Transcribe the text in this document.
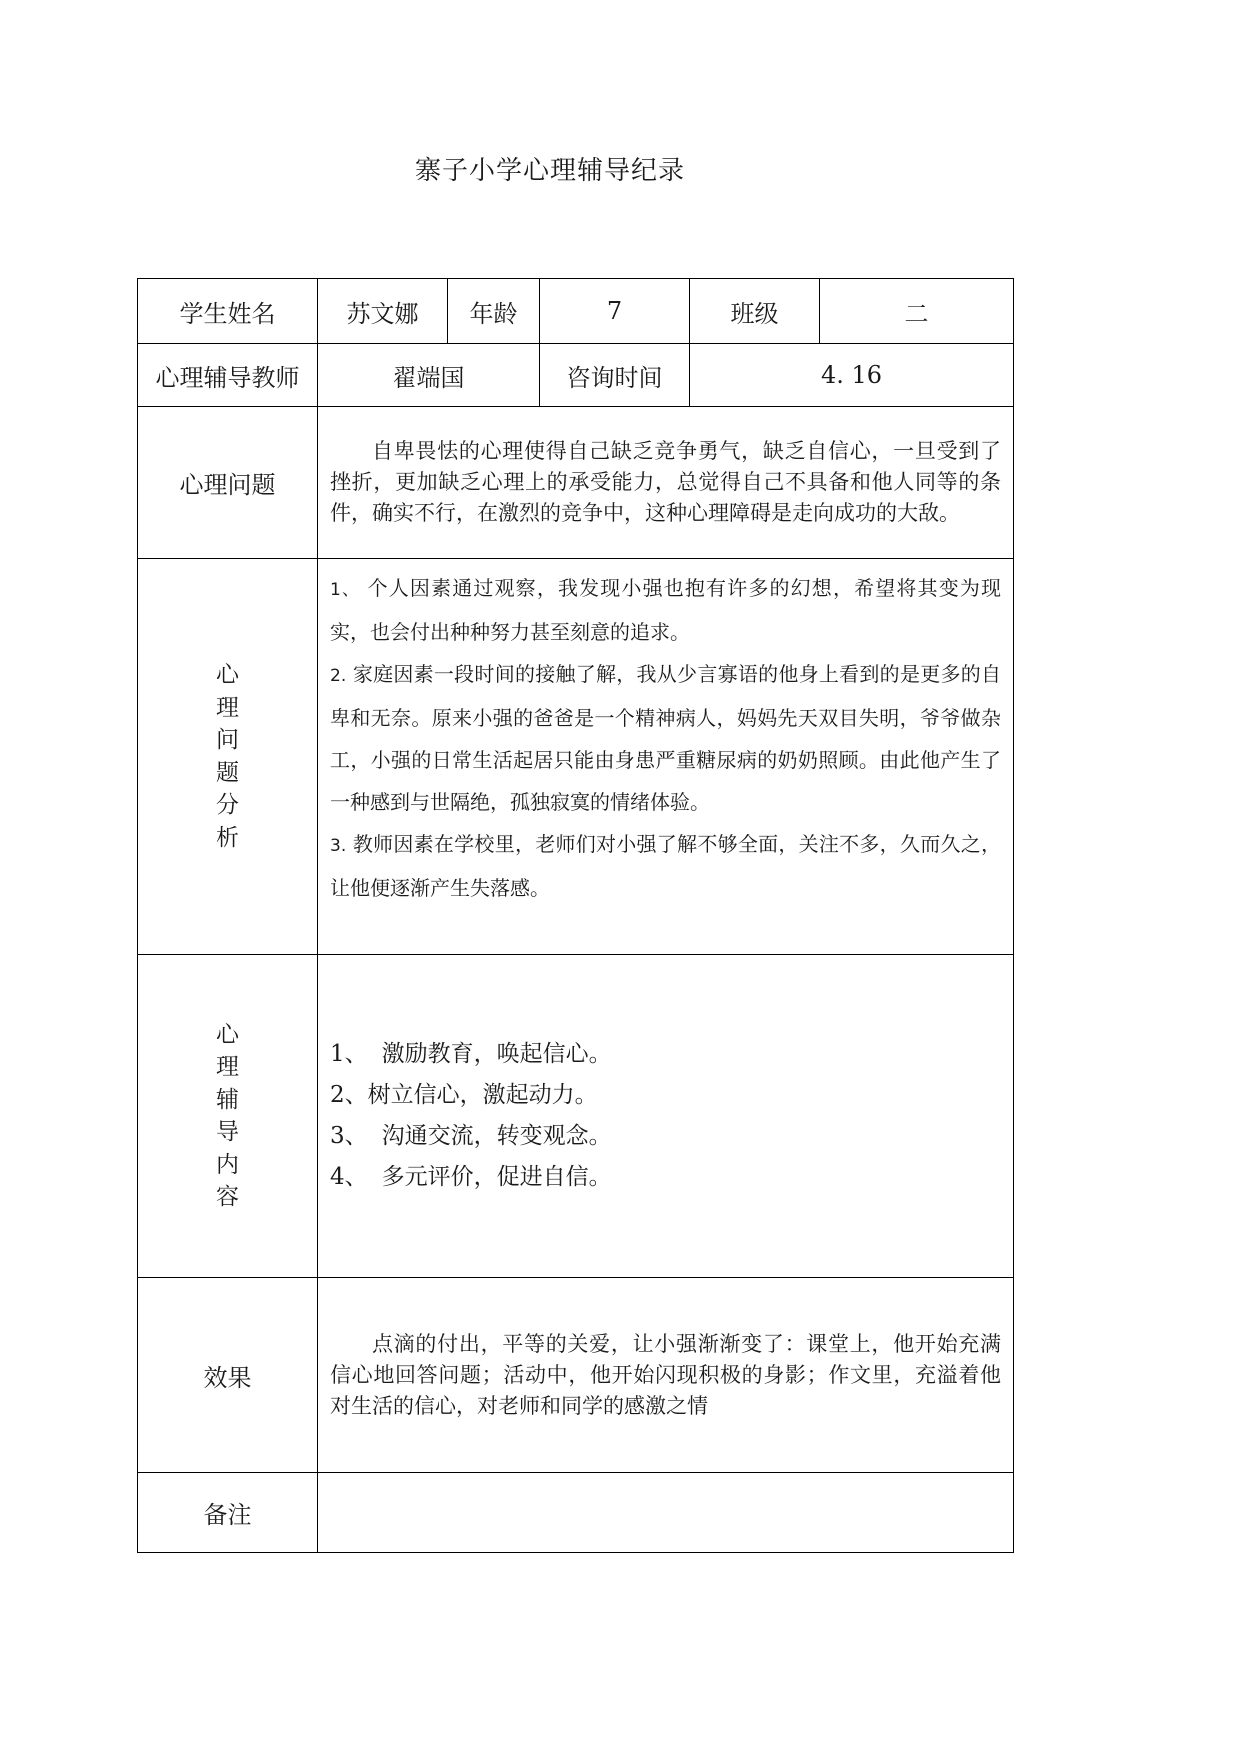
寨子小学心理辅导纪录
学生姓名	苏文娜	年龄	7	班级	二
心理辅导教师	翟端国		咨询时间	4. 16	
心理问题	自卑畏怯的心理使得自己缺乏竞争勇气，缺乏自信心，一旦受到了挫折，更加缺乏心理上的承受能力，总觉得自己不具备和他人同等的条件，确实不行，在激烈的竞争中，这种心理障碍是走向成功的大敌。				

心理问题分析	1、 个人因素通过观察，我发现小强也抱有许多的幻想，希望将其变为现实，也会付出种种努力甚至刻意的追求。
2. 家庭因素一段时间的接触了解，我从少言寡语的他身上看到的是更多的自卑和无奈。原来小强的爸爸是一个精神病人，妈妈先天双目失明，爷爷做杂工，小强的日常生活起居只能由身患严重糖尿病的奶奶照顾。由此他产生了一种感到与世隔绝，孤独寂寞的情绪体验。
3. 教师因素在学校里，老师们对小强了解不够全面，关注不多，久而久之，让他便逐渐产生失落感。				

心理辅导内容	1、 激励教育，唤起信心。
2、树立信心，激起动力。
3、 沟通交流，转变观念。
4、 多元评价，促进自信。				

效果	点滴的付出，平等的关爱，让小强渐渐变了：课堂上，他开始充满信心地回答问题；活动中，他开始闪现积极的身影；作文里，充溢着他对生活的信心，对老师和同学的感激之情				

备注					
